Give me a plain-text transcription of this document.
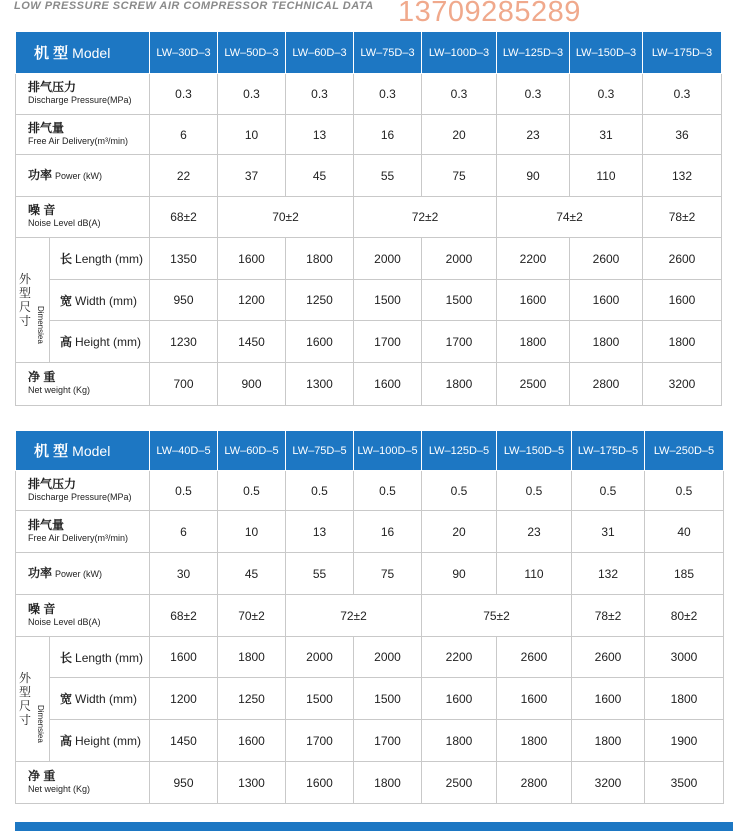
LOW PRESSURE SCREW AIR COMPRESSOR TECHNICAL DATA 13709285289
机 型 Model		LW–30D–3	LW–50D–3	LW–60D–3	LW–75D–3	LW–100D–3	LW–125D–3	LW–150D–3	LW–175D–3

排气压力
Discharge Pressure(MPa)		0.3	0.3	0.3	0.3	0.3	0.3	0.3	0.3

排气量
Free Air Delivery(m³/min)		6	10	13	16	20	23	31	36
功率 Power (kW)		22	37	45	55	75	90	110	132

噪 音
Noise Level dB(A)		68±2	70±2		72±2		74±2		78±2

外
型
尺
寸 Dimensiea	长 Length (mm)	1350	1600	1800	2000	2000	2200	2600	2600
	宽 Width (mm)	950	1200	1250	1500	1500	1600	1600	1600
	高 Height (mm)	1230	1450	1600	1700	1700	1800	1800	1800

净 重
Net weight (Kg)		700	900	1300	1600	1800	2500	2800	3200
机 型 Model		LW–40D–5	LW–60D–5	LW–75D–5	LW–100D–5	LW–125D–5	LW–150D–5	LW–175D–5	LW–250D–5

排气压力
Discharge Pressure(MPa)		0.5	0.5	0.5	0.5	0.5	0.5	0.5	0.5

排气量
Free Air Delivery(m³/min)		6	10	13	16	20	23	31	40
功率 Power (kW)		30	45	55	75	90	110	132	185

噪 音
Noise Level dB(A)		68±2	70±2	72±2		75±2		78±2	80±2

外
型
尺
寸 Dimensiea	长 Length (mm)	1600	1800	2000	2000	2200	2600	2600	3000
	宽 Width (mm)	1200	1250	1500	1500	1600	1600	1600	1800
	高 Height (mm)	1450	1600	1700	1700	1800	1800	1800	1900

净 重
Net weight (Kg)		950	1300	1600	1800	2500	2800	3200	3500
